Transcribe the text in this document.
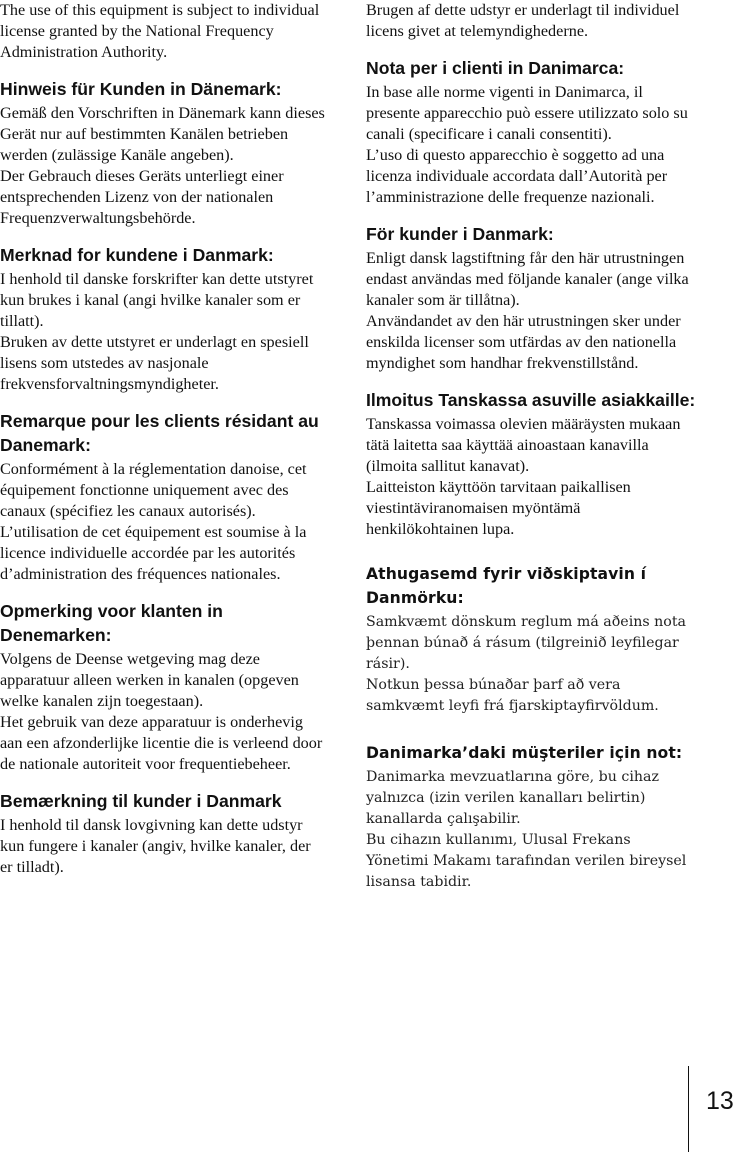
The use of this equipment is subject to individual license granted by the National Frequency Administration Authority.

Hinweis für Kunden in Dänemark:

Gemäß den Vorschriften in Dänemark kann dieses Gerät nur auf bestimmten Kanälen betrieben werden (zulässige Kanäle angeben).

Der Gebrauch dieses Geräts unterliegt einer entsprechenden Lizenz von der nationalen Frequenzverwaltungsbehörde.

Merknad for kundene i Danmark:

I henhold til danske forskrifter kan dette utstyret kun brukes i kanal (angi hvilke kanaler som er tillatt).

Bruken av dette utstyret er underlagt en spesiell lisens som utstedes av nasjonale frekvensforvaltningsmyndigheter.

Remarque pour les clients résidant au Danemark:

Conformément à la réglementation danoise, cet équipement fonctionne uniquement avec des canaux (spécifiez les canaux autorisés).

L’utilisation de cet équipement est soumise à la licence individuelle accordée par les autorités d’administration des fréquences nationales.

Opmerking voor klanten in Denemarken:

Volgens de Deense wetgeving mag deze apparatuur alleen werken in kanalen (opgeven welke kanalen zijn toegestaan).

Het gebruik van deze apparatuur is onderhevig aan een afzonderlijke licentie die is verleend door de nationale autoriteit voor frequentiebeheer.

Bemærkning til kunder i Danmark

I henhold til dansk lovgivning kan dette udstyr kun fungere i kanaler (angiv, hvilke kanaler, der er tilladt).

Brugen af dette udstyr er underlagt til individuel licens givet at telemyndighederne.

Nota per i clienti in Danimarca:

In base alle norme vigenti in Danimarca, il presente apparecchio può essere utilizzato solo su canali (specificare i canali consentiti).

L’uso di questo apparecchio è soggetto ad una licenza individuale accordata dall’Autorità per l’amministrazione delle frequenze nazionali.

För kunder i Danmark:

Enligt dansk lagstiftning får den här utrustningen endast användas med följande kanaler (ange vilka kanaler som är tillåtna).

Användandet av den här utrustningen sker under enskilda licenser som utfärdas av den nationella myndighet som handhar frekvenstillstånd.

Ilmoitus Tanskassa asuville asiakkaille:

Tanskassa voimassa olevien määräysten mukaan tätä laitetta saa käyttää ainoastaan kanavilla (ilmoita sallitut kanavat).

Laitteiston käyttöön tarvitaan paikallisen viestintäviranomaisen myöntämä henkilökohtainen lupa.

Athugasemd fyrir viðskiptavin í Danmörku:

Samkvæmt dönskum reglum má aðeins nota þennan búnað á rásum (tilgreinið leyfilegar rásir).

Notkun þessa búnaðar þarf að vera samkvæmt leyfi frá fjarskiptayfirvöldum.

Danimarka’daki müşteriler için not:

Danimarka mevzuatlarına göre, bu cihaz yalnızca (izin verilen kanalları belirtin) kanallarda çalışabilir.

Bu cihazın kullanımı, Ulusal Frekans Yönetimi Makamı tarafından verilen bireysel lisansa tabidir.

13
